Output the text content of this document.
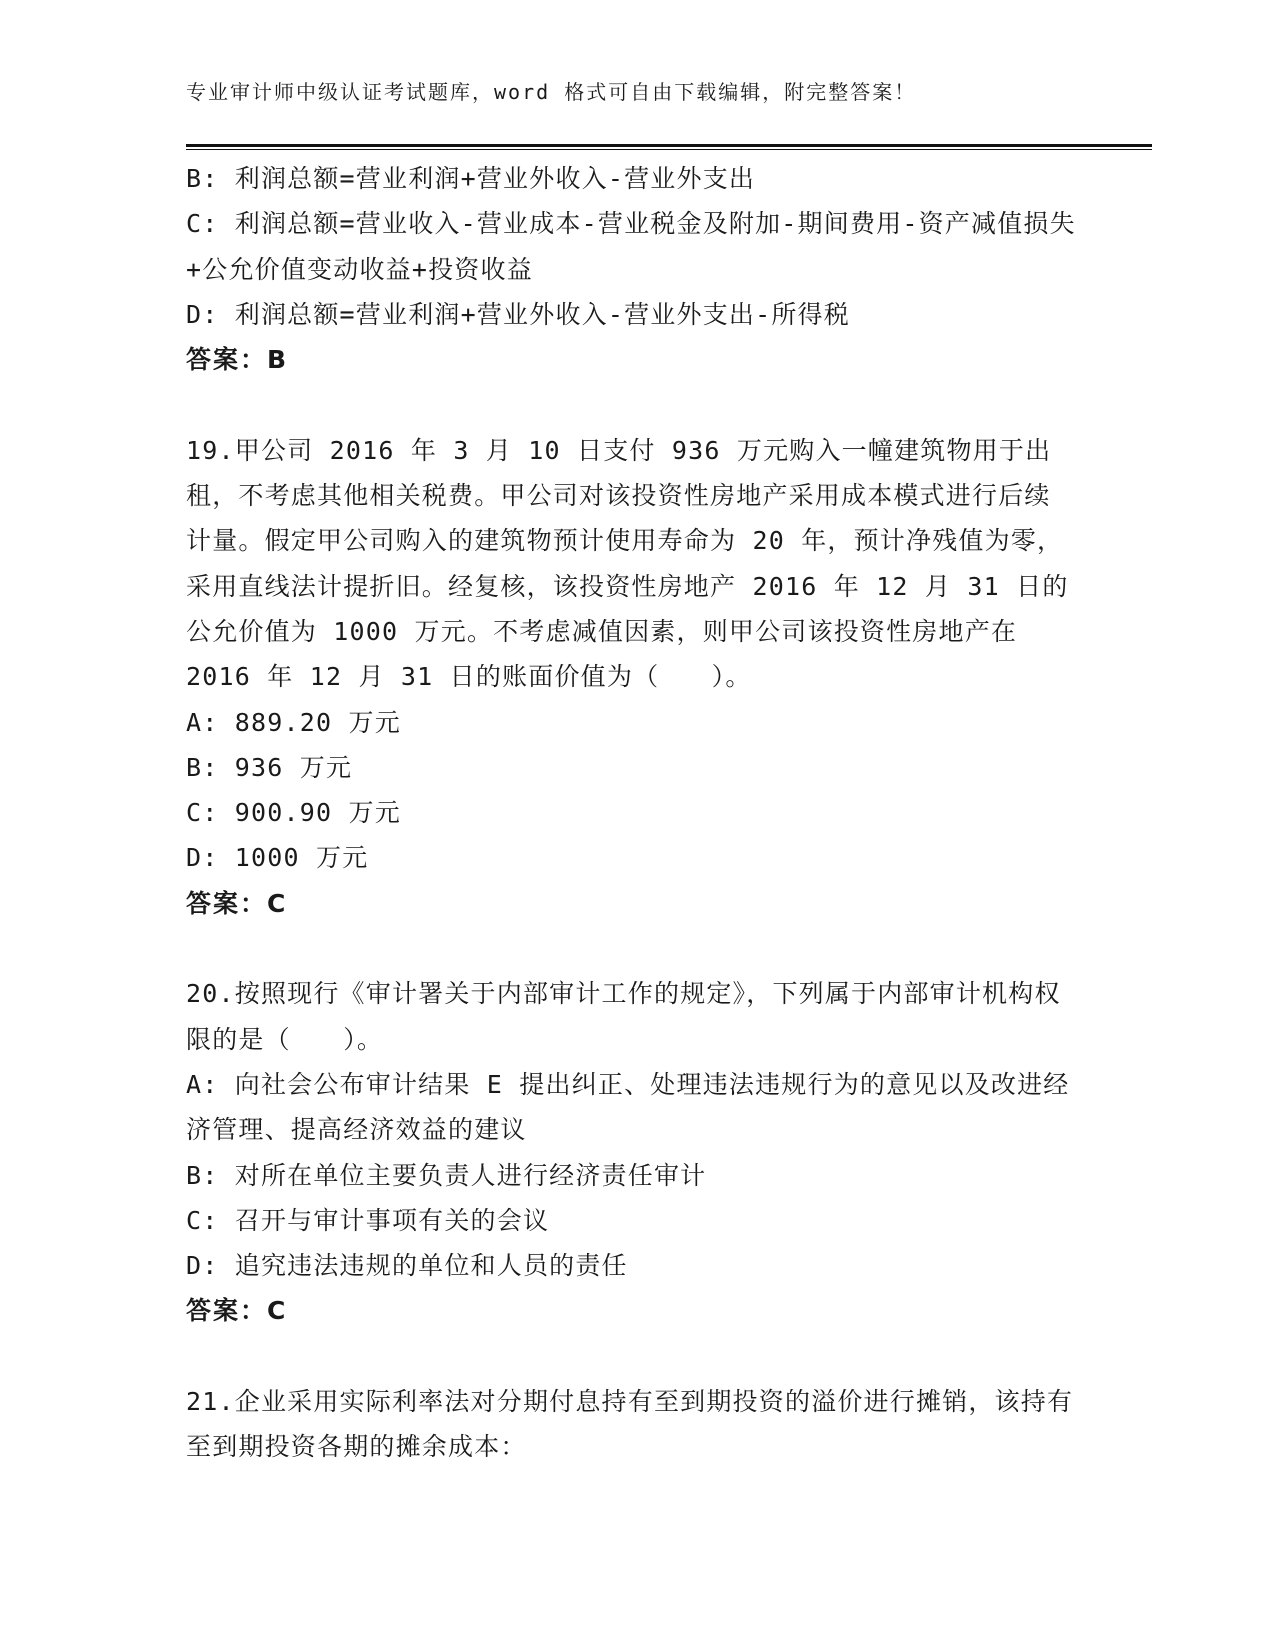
专业审计师中级认证考试题库，word 格式可自由下载编辑，附完整答案！
B: 利润总额=营业利润+营业外收入-营业外支出
C: 利润总额=营业收入-营业成本-营业税金及附加-期间费用-资产减值损失+公允价值变动收益+投资收益
D: 利润总额=营业利润+营业外收入-营业外支出-所得税
答案：B
19.甲公司 2016 年 3 月 10 日支付 936 万元购入一幢建筑物用于出租，不考虑其他相关税费。甲公司对该投资性房地产采用成本模式进行后续计量。假定甲公司购入的建筑物预计使用寿命为 20 年，预计净残值为零，采用直线法计提折旧。经复核，该投资性房地产 2016 年 12 月 31 日的公允价值为 1000 万元。不考虑减值因素，则甲公司该投资性房地产在 2016 年 12 月 31 日的账面价值为（　　）。
A: 889.20 万元
B: 936 万元
C: 900.90 万元
D: 1000 万元
答案：C
20.按照现行《审计署关于内部审计工作的规定》，下列属于内部审计机构权限的是（　　）。
A: 向社会公布审计结果 E 提出纠正、处理违法违规行为的意见以及改进经济管理、提高经济效益的建议
B: 对所在单位主要负责人进行经济责任审计
C: 召开与审计事项有关的会议
D: 追究违法违规的单位和人员的责任
答案：C
21.企业采用实际利率法对分期付息持有至到期投资的溢价进行摊销，该持有至到期投资各期的摊余成本：
